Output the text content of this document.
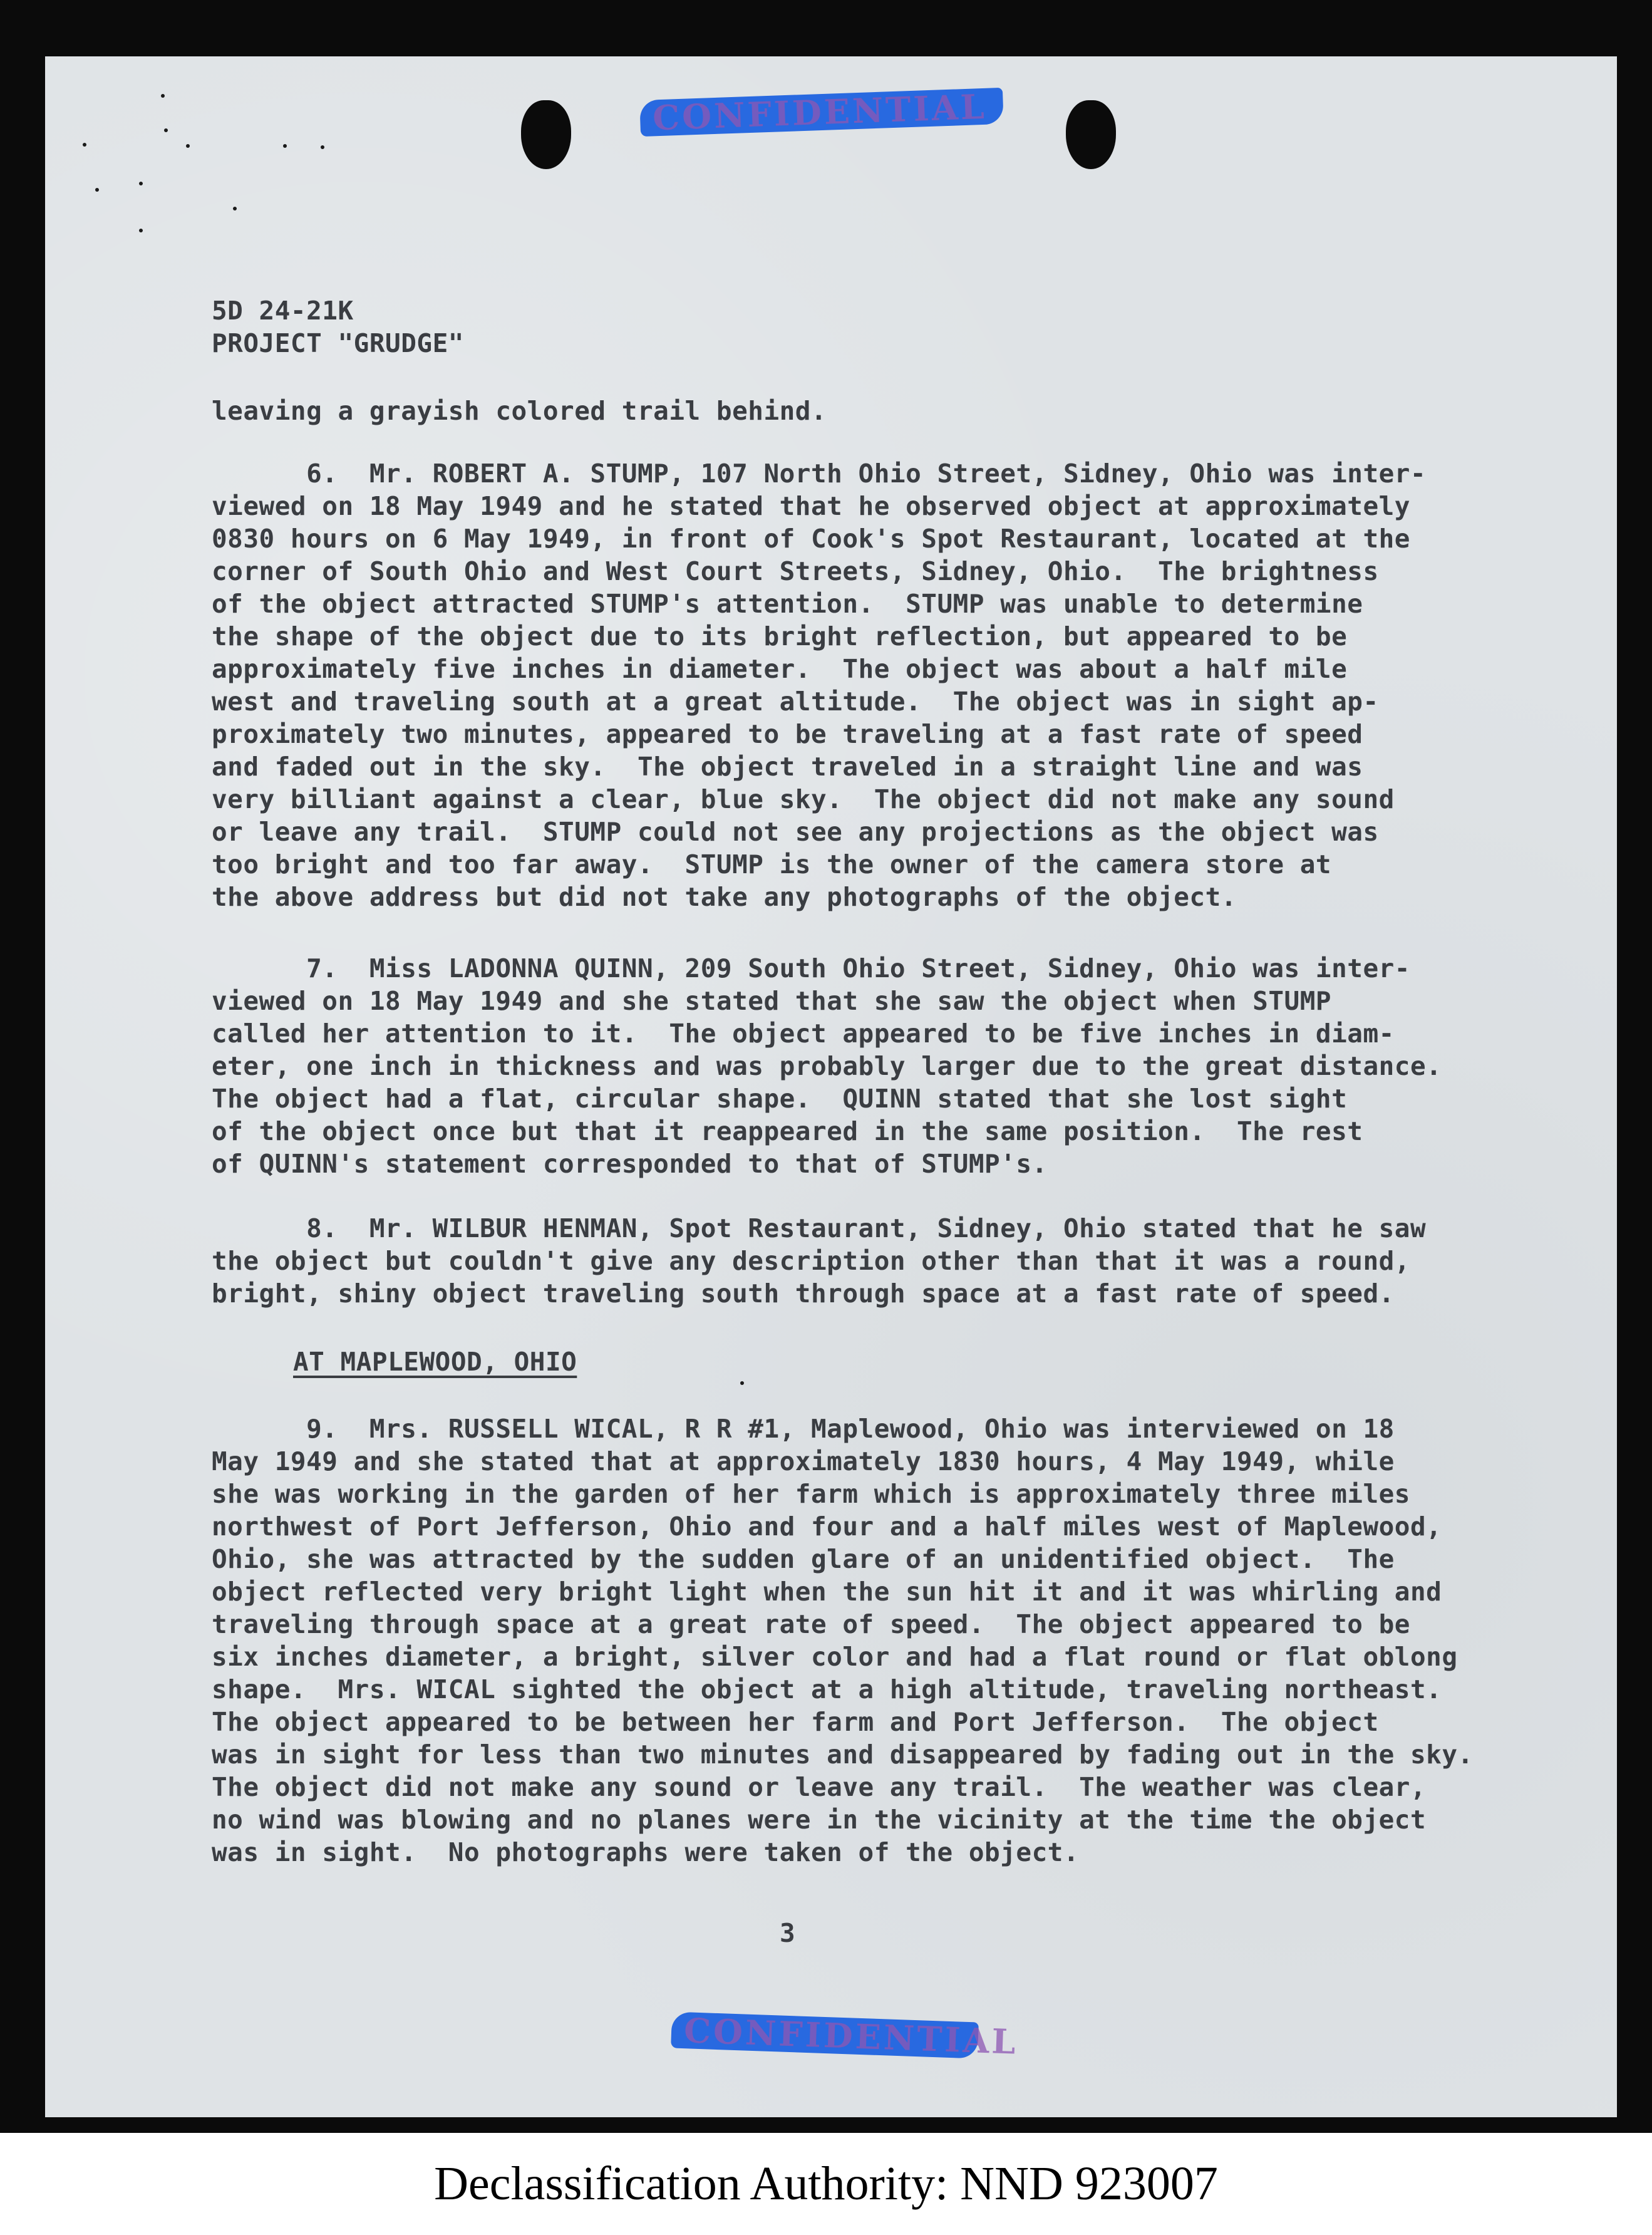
CONFIDENTIAL
CONFIDENTIAL
5D 24-21K
PROJECT "GRUDGE"
leaving a grayish colored trail behind.
6.  Mr. ROBERT A. STUMP, 107 North Ohio Street, Sidney, Ohio was inter-
viewed on 18 May 1949 and he stated that he observed object at approximately
0830 hours on 6 May 1949, in front of Cook's Spot Restaurant, located at the
corner of South Ohio and West Court Streets, Sidney, Ohio.  The brightness
of the object attracted STUMP's attention.  STUMP was unable to determine
the shape of the object due to its bright reflection, but appeared to be
approximately five inches in diameter.  The object was about a half mile
west and traveling south at a great altitude.  The object was in sight ap-
proximately two minutes, appeared to be traveling at a fast rate of speed
and faded out in the sky.  The object traveled in a straight line and was
very billiant against a clear, blue sky.  The object did not make any sound
or leave any trail.  STUMP could not see any projections as the object was
too bright and too far away.  STUMP is the owner of the camera store at
the above address but did not take any photographs of the object.
7.  Miss LADONNA QUINN, 209 South Ohio Street, Sidney, Ohio was inter-
viewed on 18 May 1949 and she stated that she saw the object when STUMP
called her attention to it.  The object appeared to be five inches in diam-
eter, one inch in thickness and was probably larger due to the great distance.
The object had a flat, circular shape.  QUINN stated that she lost sight
of the object once but that it reappeared in the same position.  The rest
of QUINN's statement corresponded to that of STUMP's.
8.  Mr. WILBUR HENMAN, Spot Restaurant, Sidney, Ohio stated that he saw
the object but couldn't give any description other than that it was a round,
bright, shiny object traveling south through space at a fast rate of speed.
AT MAPLEWOOD, OHIO
9.  Mrs. RUSSELL WICAL, R R #1, Maplewood, Ohio was interviewed on 18
May 1949 and she stated that at approximately 1830 hours, 4 May 1949, while
she was working in the garden of her farm which is approximately three miles
northwest of Port Jefferson, Ohio and four and a half miles west of Maplewood,
Ohio, she was attracted by the sudden glare of an unidentified object.  The
object reflected very bright light when the sun hit it and it was whirling and
traveling through space at a great rate of speed.  The object appeared to be
six inches diameter, a bright, silver color and had a flat round or flat oblong
shape.  Mrs. WICAL sighted the object at a high altitude, traveling northeast.
The object appeared to be between her farm and Port Jefferson.  The object
was in sight for less than two minutes and disappeared by fading out in the sky.
The object did not make any sound or leave any trail.  The weather was clear,
no wind was blowing and no planes were in the vicinity at the time the object
was in sight.  No photographs were taken of the object.
3
Declassification Authority: NND 923007
